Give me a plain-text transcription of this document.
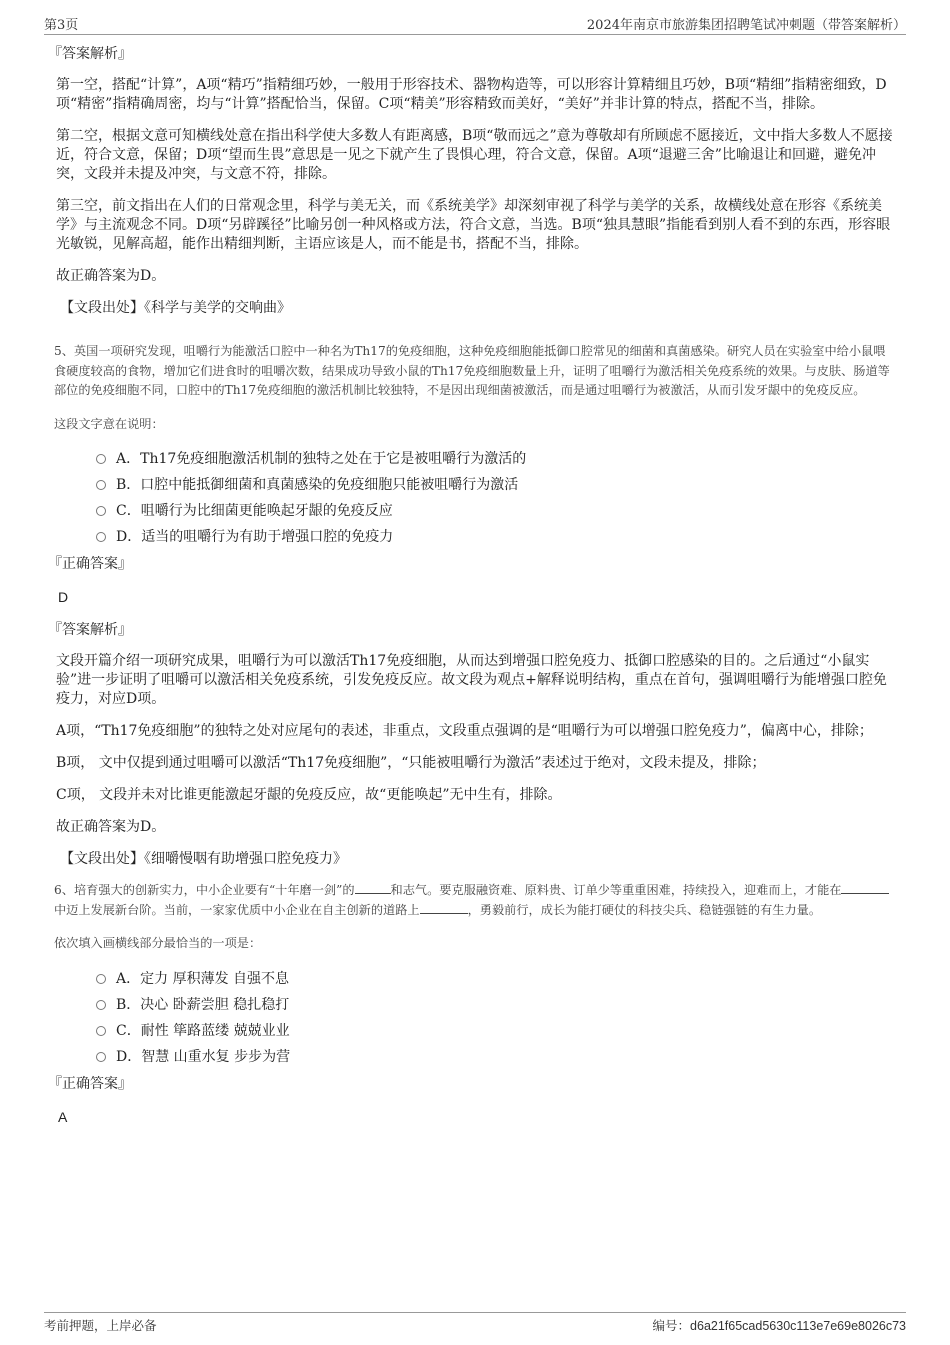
第3页	2024年南京市旅游集团招聘笔试冲刺题（带答案解析）

『答案解析』

第一空，搭配“计算”，A项“精巧”指精细巧妙，一般用于形容技术、器物构造等，可以形容计算精细且巧妙，B项“精细”指精密细致，D项“精密”指精确周密，均与“计算”搭配恰当，保留。C项“精美”形容精致而美好，“美好”并非计算的特点，搭配不当，排除。

第二空，根据文意可知横线处意在指出科学使大多数人有距离感，B项“敬而远之”意为尊敬却有所顾虑不愿接近，文中指大多数人不愿接近，符合文意，保留；D项“望而生畏”意思是一见之下就产生了畏惧心理，符合文意，保留。A项“退避三舍”比喻退让和回避，避免冲突，文段并未提及冲突，与文意不符，排除。

第三空，前文指出在人们的日常观念里，科学与美无关，而《系统美学》却深刻审视了科学与美学的关系，故横线处意在形容《系统美学》与主流观念不同。D项“另辟蹊径”比喻另创一种风格或方法，符合文意，当选。B项“独具慧眼”指能看到别人看不到的东西，形容眼光敏锐，见解高超，能作出精细判断，主语应该是人，而不能是书，搭配不当，排除。

故正确答案为D。

【文段出处】《科学与美学的交响曲》

5、英国一项研究发现，咀嚼行为能激活口腔中一种名为Th17的免疫细胞，这种免疫细胞能抵御口腔常见的细菌和真菌感染。研究人员在实验室中给小鼠喂食硬度较高的食物，增加它们进食时的咀嚼次数，结果成功导致小鼠的Th17免疫细胞数量上升，证明了咀嚼行为激活相关免疫系统的效果。与皮肤、肠道等部位的免疫细胞不同，口腔中的Th17免疫细胞的激活机制比较独特，不是因出现细菌被激活，而是通过咀嚼行为被激活，从而引发牙龈中的免疫反应。

这段文字意在说明：

A．Th17免疫细胞激活机制的独特之处在于它是被咀嚼行为激活的
B．口腔中能抵御细菌和真菌感染的免疫细胞只能被咀嚼行为激活
C．咀嚼行为比细菌更能唤起牙龈的免疫反应
D．适当的咀嚼行为有助于增强口腔的免疫力

『正确答案』

D

『答案解析』

文段开篇介绍一项研究成果，咀嚼行为可以激活Th17免疫细胞，从而达到增强口腔免疫力、抵御口腔感染的目的。之后通过“小鼠实验”进一步证明了咀嚼可以激活相关免疫系统，引发免疫反应。故文段为观点+解释说明结构，重点在首句，强调咀嚼行为能增强口腔免疫力，对应D项。

A项，“Th17免疫细胞”的独特之处对应尾句的表述，非重点，文段重点强调的是“咀嚼行为可以增强口腔免疫力”，偏离中心，排除；

B项， 文中仅提到通过咀嚼可以激活“Th17免疫细胞”，“只能被咀嚼行为激活”表述过于绝对，文段未提及，排除；

C项， 文段并未对比谁更能激起牙龈的免疫反应，故“更能唤起”无中生有，排除。

故正确答案为D。

【文段出处】《细嚼慢咽有助增强口腔免疫力》

6、培育强大的创新实力，中小企业要有“十年磨一剑”的	和志气。要克服融资难、原料贵、订单少等重重困难，持续投入，迎难而上，才能在中迈上发展新台阶。当前，一家家优质中小企业在自主创新的道路上	，勇毅前行，成长为能打硬仗的科技尖兵、稳链强链的有生力量。

依次填入画横线部分最恰当的一项是：

A．定力 厚积薄发 自强不息
B．决心 卧薪尝胆 稳扎稳打
C．耐性 筚路蓝缕 兢兢业业
D．智慧 山重水复 步步为营

『正确答案』

A

考前押题，上岸必备	编号：d6a21f65cad5630c113e7e69e8026c73
